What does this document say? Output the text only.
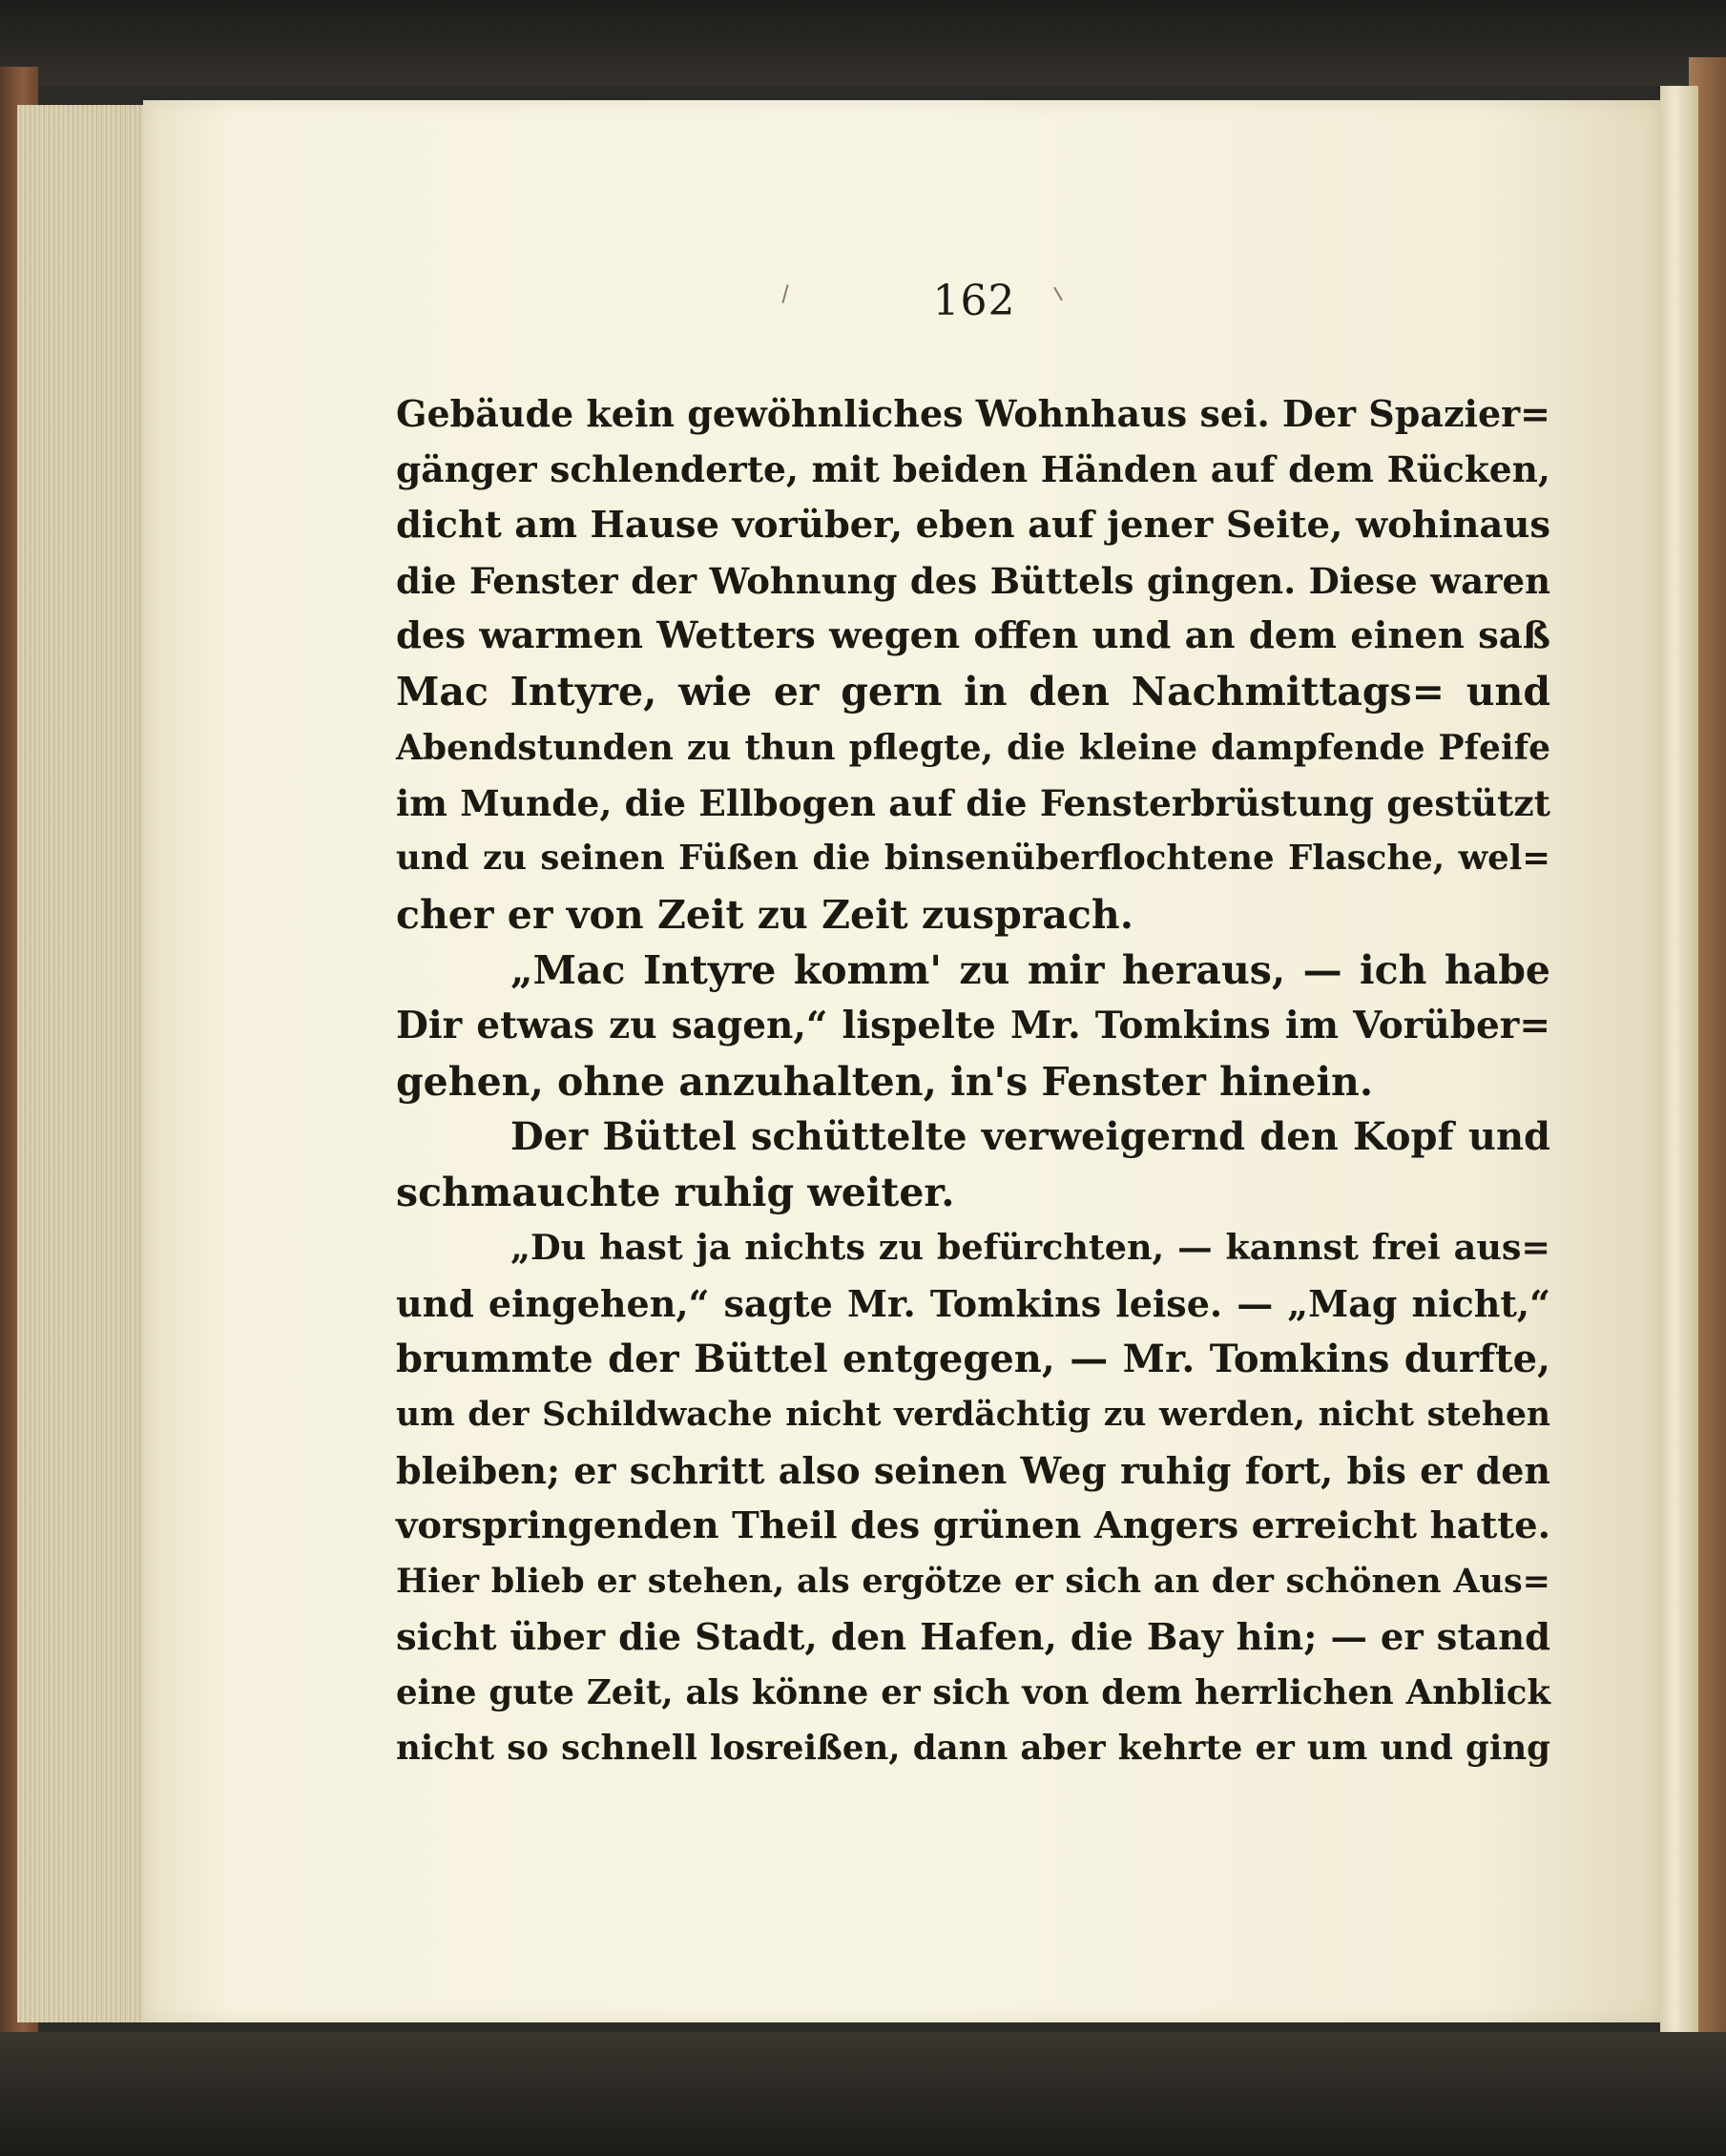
162
Gebäude kein gewöhnliches Wohnhaus sei. Der Spazier=
gänger schlenderte, mit beiden Händen auf dem Rücken,
dicht am Hause vorüber, eben auf jener Seite, wohinaus
die Fenster der Wohnung des Büttels gingen. Diese waren
des warmen Wetters wegen offen und an dem einen saß
Mac Intyre, wie er gern in den Nachmittags= und
Abendstunden zu thun pflegte, die kleine dampfende Pfeife
im Munde, die Ellbogen auf die Fensterbrüstung gestützt
und zu seinen Füßen die binsenüberflochtene Flasche, wel=
cher er von Zeit zu Zeit zusprach.
„Mac Intyre komm' zu mir heraus, — ich habe
Dir etwas zu sagen,“ lispelte Mr. Tomkins im Vorüber=
gehen, ohne anzuhalten, in's Fenster hinein.
Der Büttel schüttelte verweigernd den Kopf und
schmauchte ruhig weiter.
„Du hast ja nichts zu befürchten, — kannst frei aus=
und eingehen,“ sagte Mr. Tomkins leise. — „Mag nicht,“
brummte der Büttel entgegen, — Mr. Tomkins durfte,
um der Schildwache nicht verdächtig zu werden, nicht stehen
bleiben; er schritt also seinen Weg ruhig fort, bis er den
vorspringenden Theil des grünen Angers erreicht hatte.
Hier blieb er stehen, als ergötze er sich an der schönen Aus=
sicht über die Stadt, den Hafen, die Bay hin; — er stand
eine gute Zeit, als könne er sich von dem herrlichen Anblick
nicht so schnell losreißen, dann aber kehrte er um und ging
